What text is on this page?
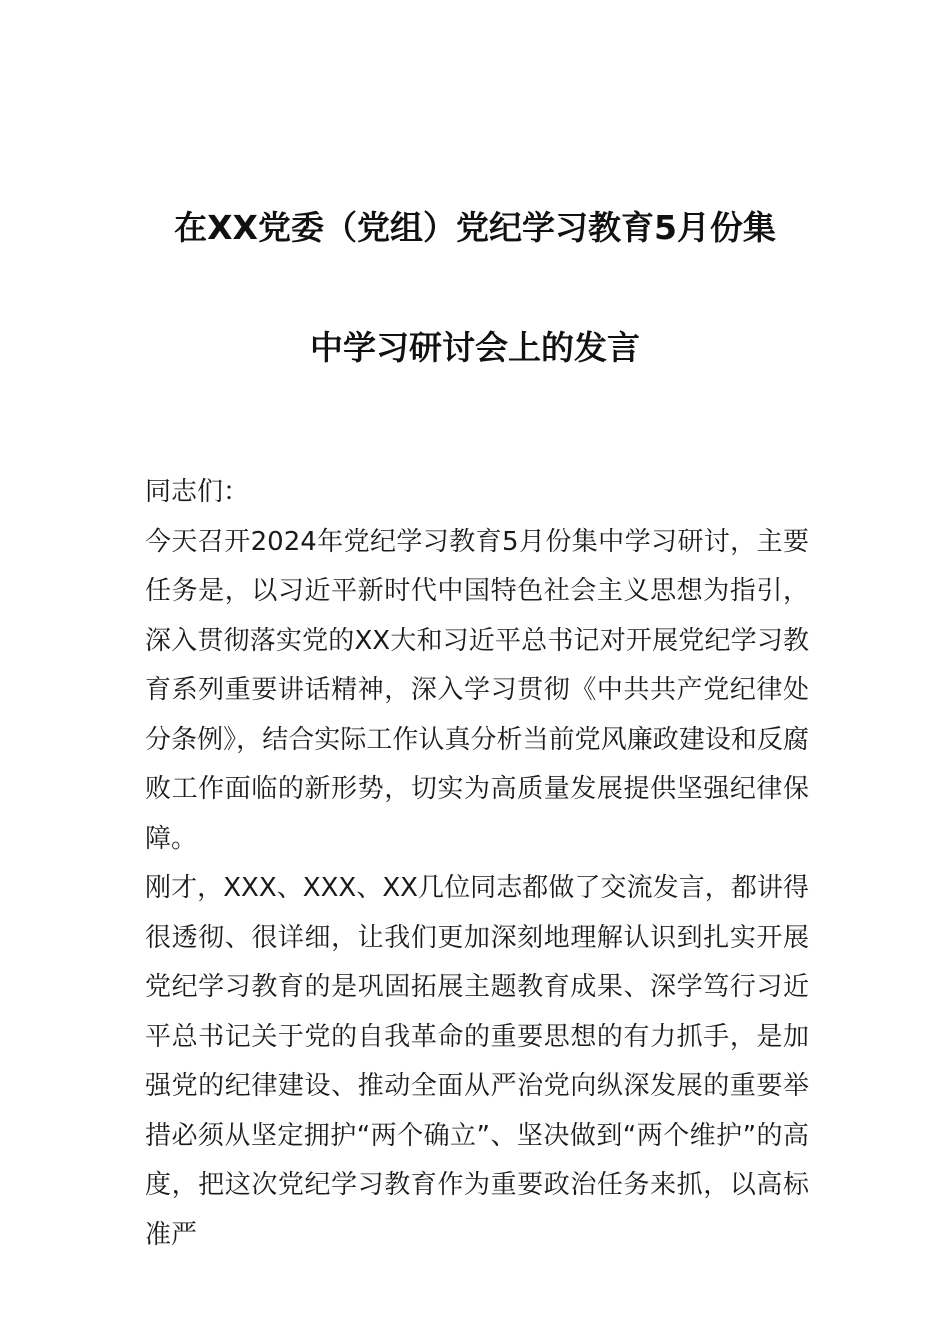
在XX党委（党组）党纪学习教育5月份集
中学习研讨会上的发言

同志们：

今天召开2024年党纪学习教育5月份集中学习研讨，主要任务是，以习近平新时代中国特色社会主义思想为指引，深入贯彻落实党的XX大和习近平总书记对开展党纪学习教育系列重要讲话精神，深入学习贯彻《中共共产党纪律处分条例》，结合实际工作认真分析当前党风廉政建设和反腐败工作面临的新形势，切实为高质量发展提供坚强纪律保障。

刚才，XXX、XXX、XX几位同志都做了交流发言，都讲得很透彻、很详细，让我们更加深刻地理解认识到扎实开展党纪学习教育的是巩固拓展主题教育成果、深学笃行习近平总书记关于党的自我革命的重要思想的有力抓手，是加强党的纪律建设、推动全面从严治党向纵深发展的重要举措必须从坚定拥护“两个确立”、坚决做到“两个维护”的高度，把这次党纪学习教育作为重要政治任务来抓，以高标准严
